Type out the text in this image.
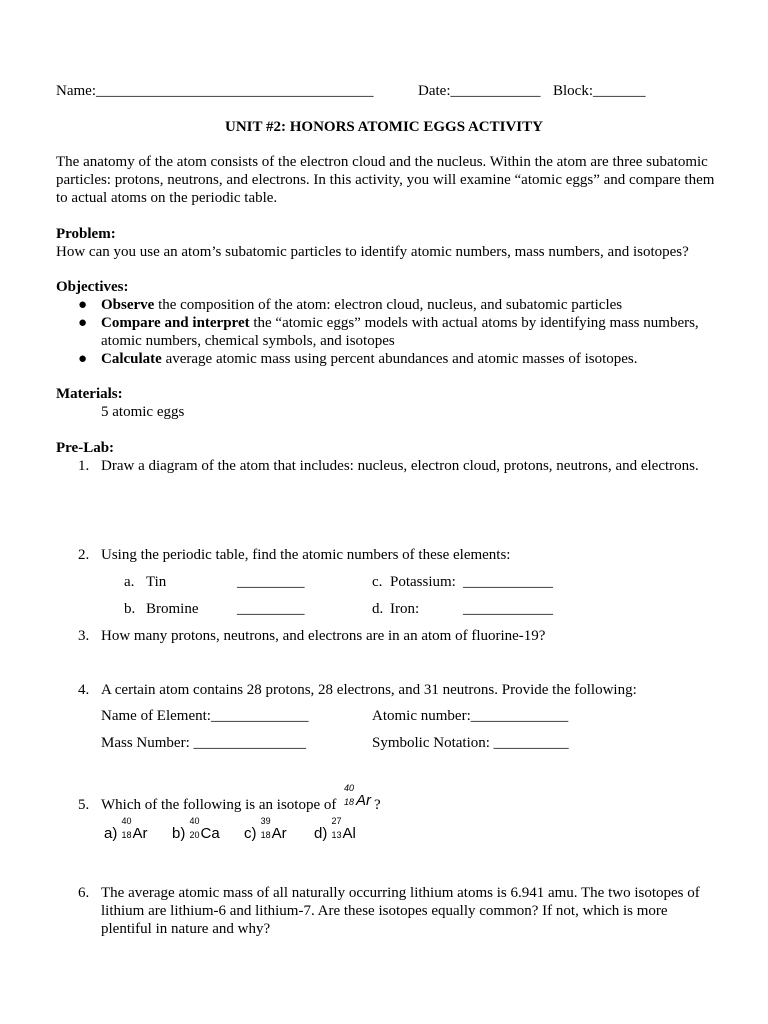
Name:_____________________________________	Date:____________ Block:_______
UNIT #2: HONORS ATOMIC EGGS ACTIVITY
The anatomy of the atom consists of the electron cloud and the nucleus. Within the atom are three subatomic particles: protons, neutrons, and electrons. In this activity, you will examine “atomic eggs” and compare them to actual atoms on the periodic table.
Problem:
How can you use an atom’s subatomic particles to identify atomic numbers, mass numbers, and isotopes?
Objectives:
● Observe the composition of the atom: electron cloud, nucleus, and subatomic particles
● Compare and interpret the “atomic eggs” models with actual atoms by identifying mass numbers, atomic numbers, chemical symbols, and isotopes
● Calculate average atomic mass using percent abundances and atomic masses of isotopes.
Materials:
5 atomic eggs
Pre-Lab:
1. Draw a diagram of the atom that includes: nucleus, electron cloud, protons, neutrons, and electrons.
2. Using the periodic table, find the atomic numbers of these elements:
a. Tin	_________	c. Potassium: ____________
b. Bromine	_________	d. Iron:	____________
3. How many protons, neutrons, and electrons are in an atom of fluorine-19?
4. A certain atom contains 28 protons, 28 electrons, and 31 neutrons. Provide the following:
Name of Element:_____________	Atomic number:_____________
Mass Number: _______________	Symbolic Notation: __________
5. Which of the following is an isotope of
40
18 Ar ?
a)
40
18 Ar b)
40
20 Ca c)
39
18 Ar d)
27
13 Al
6. The average atomic mass of all naturally occurring lithium atoms is 6.941 amu. The two isotopes of lithium are lithium-6 and lithium-7. Are these isotopes equally common? If not, which is more plentiful in nature and why?
